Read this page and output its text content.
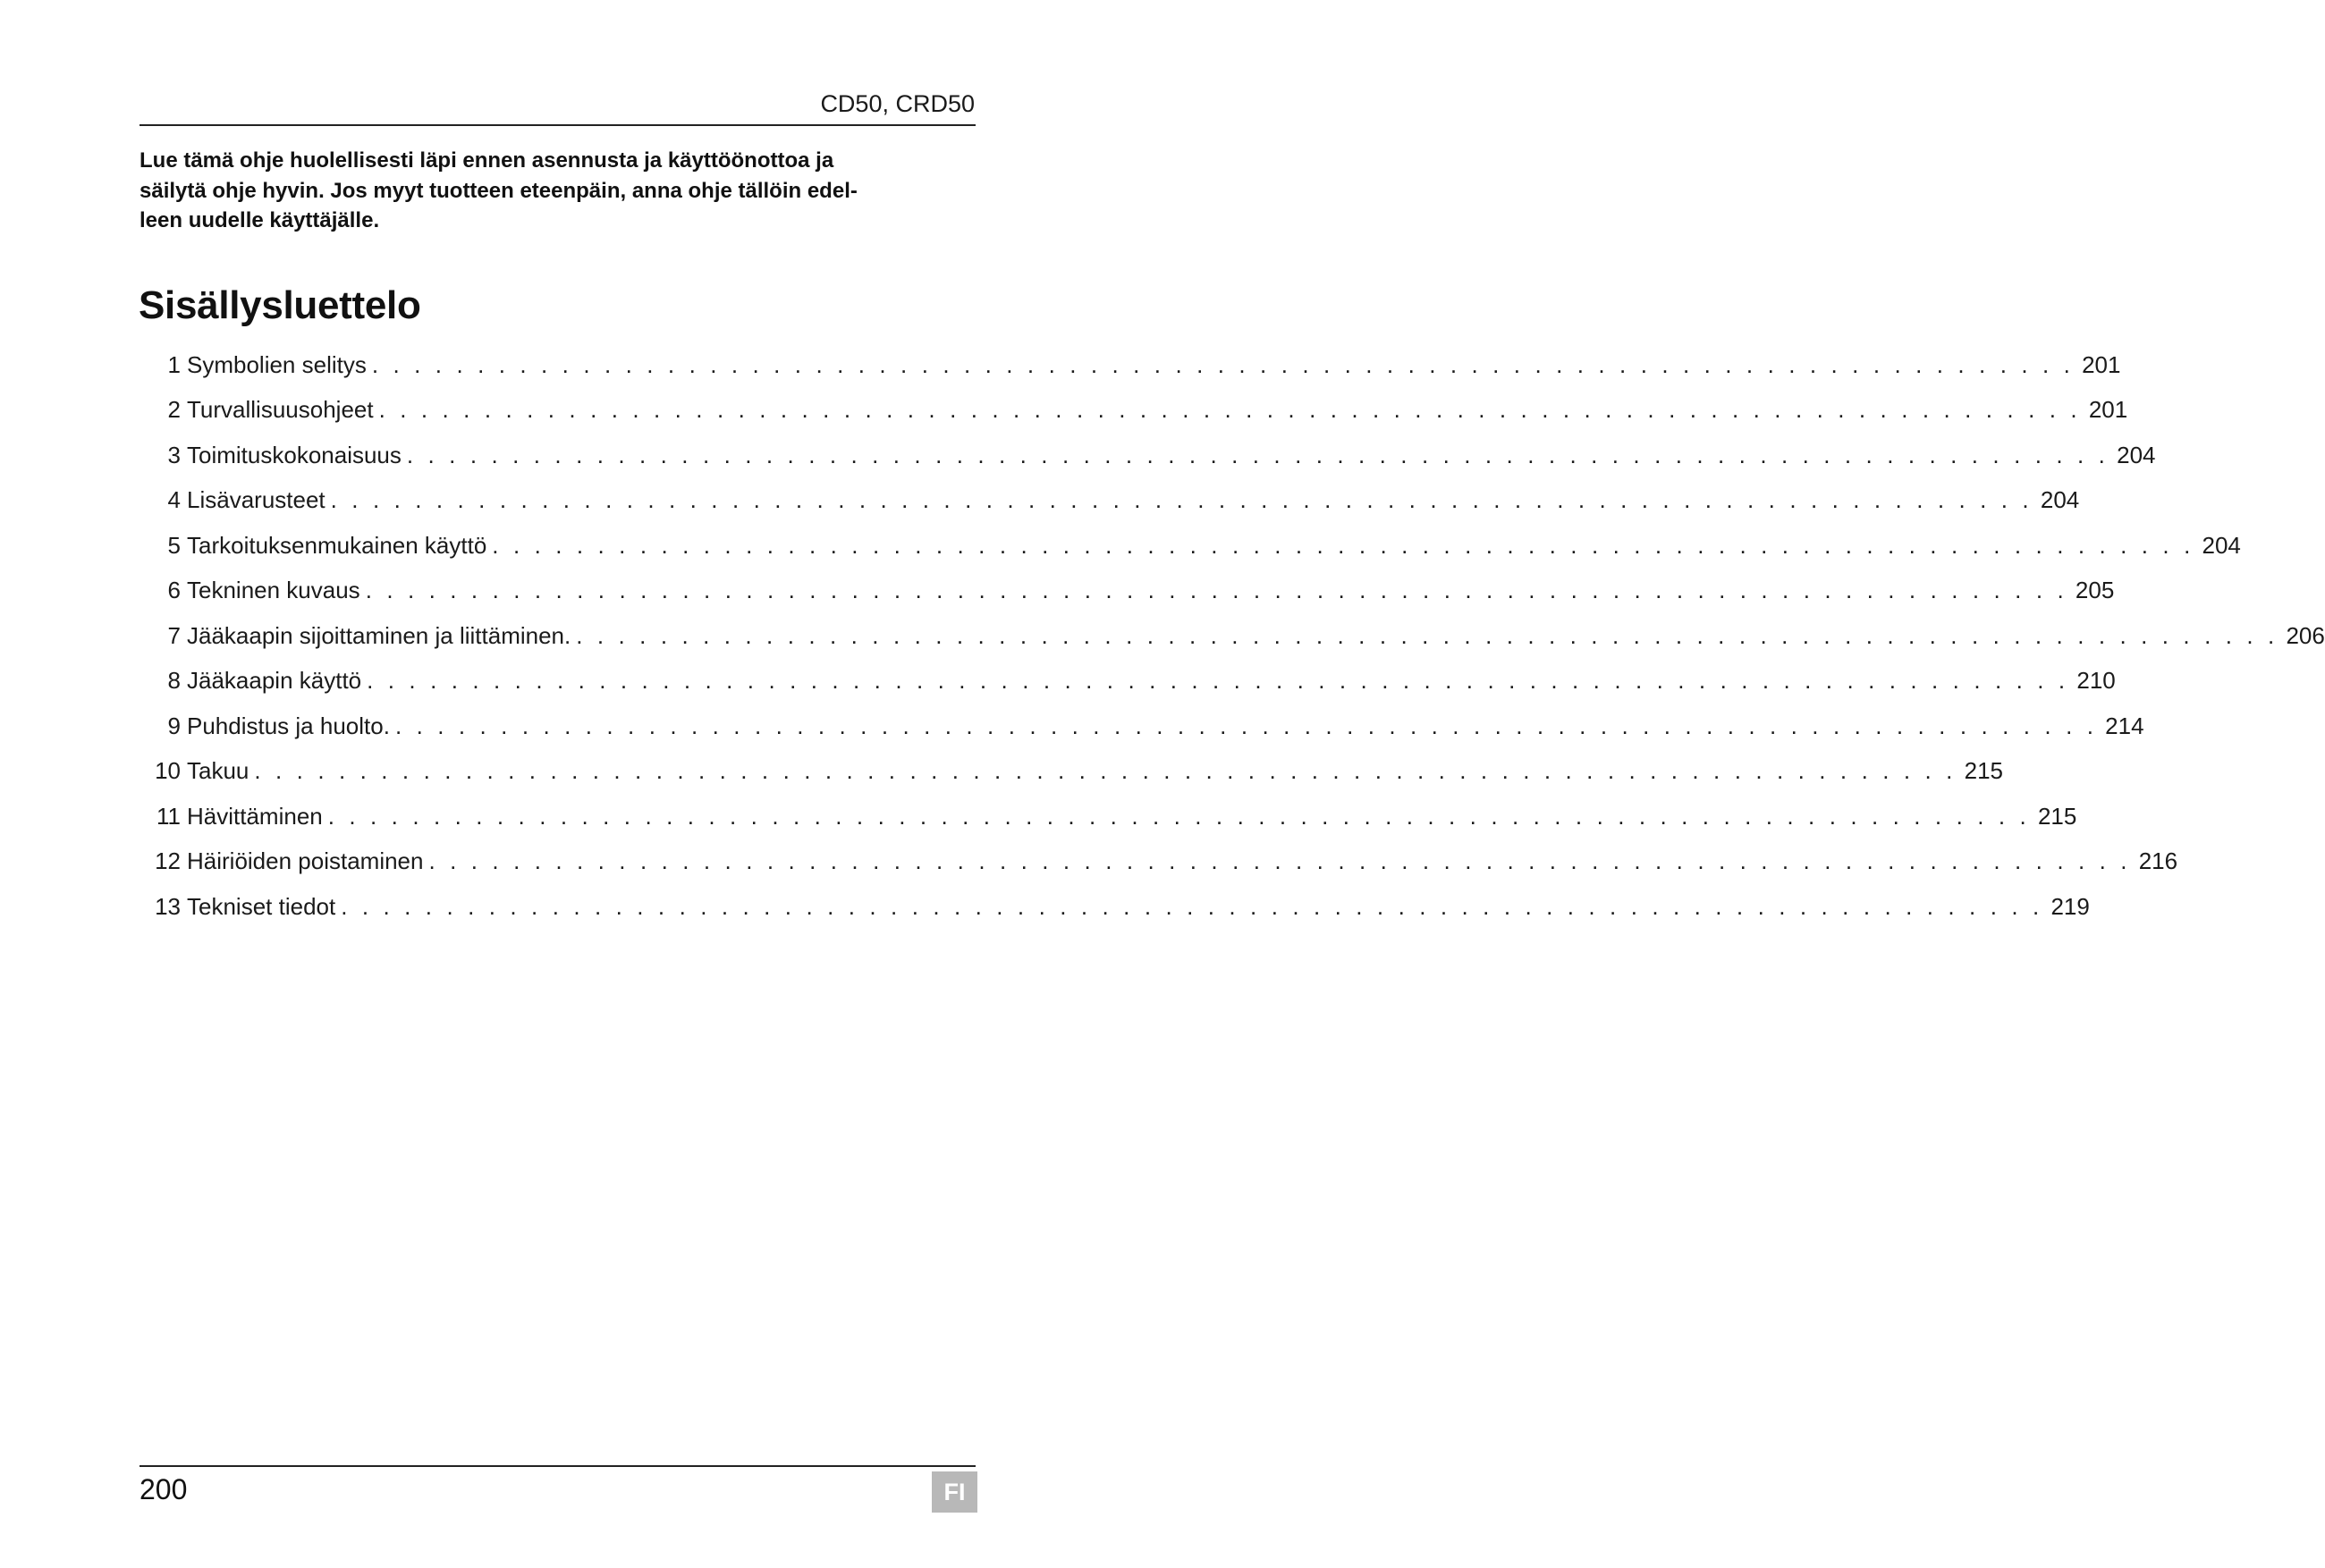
CD50, CRD50
Lue tämä ohje huolellisesti läpi ennen asennusta ja käyttöönottoa ja
säilytä ohje hyvin. Jos myyt tuotteen eteenpäin, anna ohje tällöin edel-
leen uudelle käyttäjälle.
Sisällysluettelo
1 Symbolien selitys . . . . . . . . . . . . . . . . . . . . . . . . . . . . . . . . . . . . . . . . . . . . . . . . . . . . . . . . . . . . . . . . . . . . . . . . . . . . . . . . . 201
2 Turvallisuusohjeet . . . . . . . . . . . . . . . . . . . . . . . . . . . . . . . . . . . . . . . . . . . . . . . . . . . . . . . . . . . . . . . . . . . . . . . . . . . . . . . . . 201
3 Toimituskokonaisuus . . . . . . . . . . . . . . . . . . . . . . . . . . . . . . . . . . . . . . . . . . . . . . . . . . . . . . . . . . . . . . . . . . . . . . . . . . . . . . . . . 204
4 Lisävarusteet . . . . . . . . . . . . . . . . . . . . . . . . . . . . . . . . . . . . . . . . . . . . . . . . . . . . . . . . . . . . . . . . . . . . . . . . . . . . . . . . . 204
5 Tarkoituksenmukainen käyttö . . . . . . . . . . . . . . . . . . . . . . . . . . . . . . . . . . . . . . . . . . . . . . . . . . . . . . . . . . . . . . . . . . . . . . . . . . . . . . . . . 204
6 Tekninen kuvaus . . . . . . . . . . . . . . . . . . . . . . . . . . . . . . . . . . . . . . . . . . . . . . . . . . . . . . . . . . . . . . . . . . . . . . . . . . . . . . . . . 205
7 Jääkaapin sijoittaminen ja liittäminen. . . . . . . . . . . . . . . . . . . . . . . . . . . . . . . . . . . . . . . . . . . . . . . . . . . . . . . . . . . . . . . . . . . . . . . . . . . . . . . . . . 206
8 Jääkaapin käyttö . . . . . . . . . . . . . . . . . . . . . . . . . . . . . . . . . . . . . . . . . . . . . . . . . . . . . . . . . . . . . . . . . . . . . . . . . . . . . . . . . 210
9 Puhdistus ja huolto. . . . . . . . . . . . . . . . . . . . . . . . . . . . . . . . . . . . . . . . . . . . . . . . . . . . . . . . . . . . . . . . . . . . . . . . . . . . . . . . . . 214
10 Takuu . . . . . . . . . . . . . . . . . . . . . . . . . . . . . . . . . . . . . . . . . . . . . . . . . . . . . . . . . . . . . . . . . . . . . . . . . . . . . . . . . 215
11 Hävittäminen . . . . . . . . . . . . . . . . . . . . . . . . . . . . . . . . . . . . . . . . . . . . . . . . . . . . . . . . . . . . . . . . . . . . . . . . . . . . . . . . . 215
12 Häiriöiden poistaminen . . . . . . . . . . . . . . . . . . . . . . . . . . . . . . . . . . . . . . . . . . . . . . . . . . . . . . . . . . . . . . . . . . . . . . . . . . . . . . . . . 216
13 Tekniset tiedot . . . . . . . . . . . . . . . . . . . . . . . . . . . . . . . . . . . . . . . . . . . . . . . . . . . . . . . . . . . . . . . . . . . . . . . . . . . . . . . . . 219
200	FI
